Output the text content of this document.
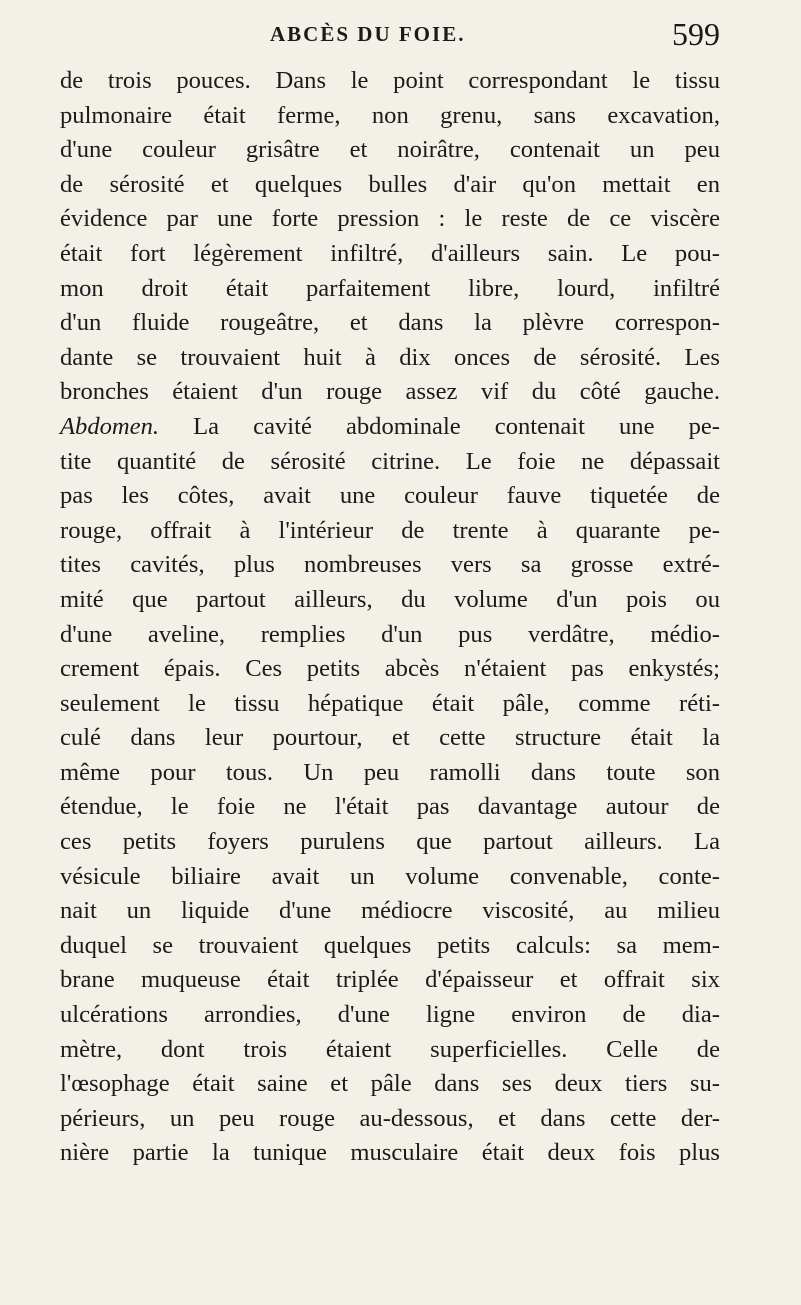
ABCÈS DU FOIE.	599
de trois pouces. Dans le point correspondant le tissu
pulmonaire était ferme, non grenu, sans excavation,
d'une couleur grisâtre et noirâtre, contenait un peu
de sérosité et quelques bulles d'air qu'on mettait en
évidence par une forte pression : le reste de ce viscère
était fort légèrement infiltré, d'ailleurs sain. Le pou-
mon droit était parfaitement libre, lourd, infiltré
d'un fluide rougeâtre, et dans la plèvre correspon-
dante se trouvaient huit à dix onces de sérosité. Les
bronches étaient d'un rouge assez vif du côté gauche.
Abdomen. La cavité abdominale contenait une pe-
tite quantité de sérosité citrine. Le foie ne dépassait
pas les côtes, avait une couleur fauve tiquetée de
rouge, offrait à l'intérieur de trente à quarante pe-
tites cavités, plus nombreuses vers sa grosse extré-
mité que partout ailleurs, du volume d'un pois ou
d'une aveline, remplies d'un pus verdâtre, médio-
crement épais. Ces petits abcès n'étaient pas enkystés;
seulement le tissu hépatique était pâle, comme réti-
culé dans leur pourtour, et cette structure était la
même pour tous. Un peu ramolli dans toute son
étendue, le foie ne l'était pas davantage autour de
ces petits foyers purulens que partout ailleurs. La
vésicule biliaire avait un volume convenable, conte-
nait un liquide d'une médiocre viscosité, au milieu
duquel se trouvaient quelques petits calculs: sa mem-
brane muqueuse était triplée d'épaisseur et offrait six
ulcérations arrondies, d'une ligne environ de dia-
mètre, dont trois étaient superficielles. Celle de
l'œsophage était saine et pâle dans ses deux tiers su-
périeurs, un peu rouge au-dessous, et dans cette der-
nière partie la tunique musculaire était deux fois plus
